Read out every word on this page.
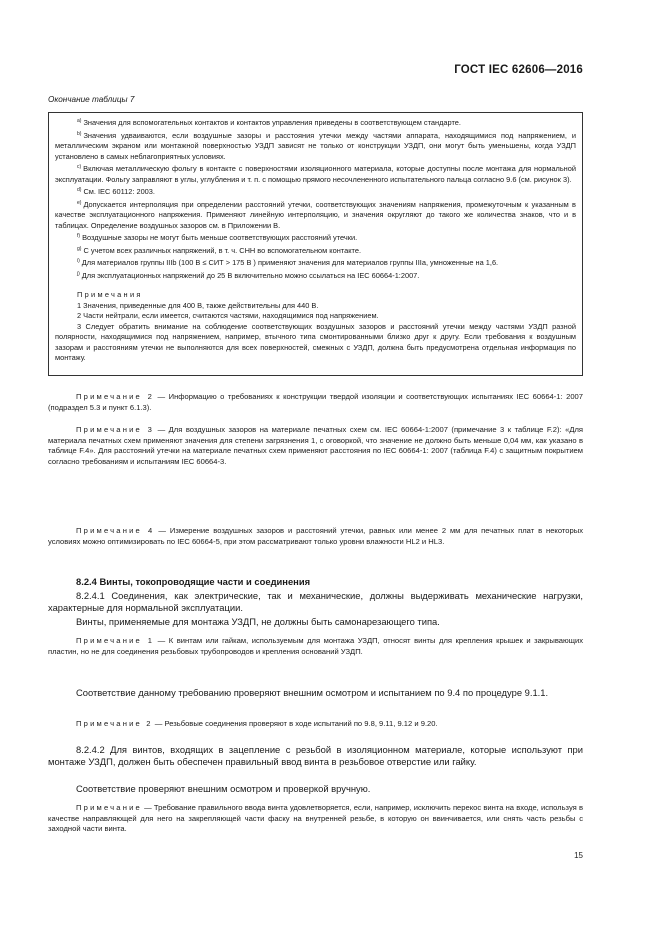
ГОСТ IEC 62606—2016
Окончание таблицы 7

$^{a)}$ Значения для вспомогательных контактов и контактов управления приведены в соответствующем стандарте.

$^{b)}$ Значения удваиваются, если воздушные зазоры и расстояния утечки между частями аппарата, находящимися под напряжением, и металлическим экраном или монтажной поверхностью УЗДП зависят не только от конструкции УЗДП, они могут быть уменьшены, когда УЗДП установлено в самых неблагоприятных условиях.

$^{c)}$ Включая металлическую фольгу в контакте с поверхностями изоляционного материала, которые доступны после монтажа для нормальной эксплуатации. Фольгу заправляют в углы, углубления и т. п. с помощью прямого несочлененного испытательного пальца согласно 9.6 (см. рисунок 3).

$^{d)}$ См. IEC 60112: 2003.

$^{e)}$ Допускается интерполяция при определении расстояний утечки, соответствующих значениям напряжения, промежуточным к указанным в качестве эксплуатационного напряжения. Применяют линейную интерполяцию, и значения округляют до такого же количества знаков, что и в таблицах. Определение воздушных зазоров см. в Приложении В.

$^{f)}$ Воздушные зазоры не могут быть меньше соответствующих расстояний утечки.

$^{g)}$ С учетом всех различных напряжений, в т. ч. СНН во вспомогательном контакте.

$^{i)}$ Для материалов группы IIIb (100 В ≤ СИТ > 175 В ) применяют значения для материалов группы IIIa, умноженные на 1,6.

$^{j)}$ Для эксплуатационных напряжений до 25 В включительно можно ссылаться на IEC 60664-1:2007.

Примечания

1 Значения, приведенные для 400 В, также действительны для 440 В.

2 Части нейтрали, если имеется, считаются частями, находящимися под напряжением.

3 Следует обратить внимание на соблюдение соответствующих воздушных зазоров и расстояний утечки между частями УЗДП разной полярности, находящимися под напряжением, например, втычного типа смонтированными близко друг к другу. Если требования к воздушным зазорам и расстояниям утечки не выполняются для всех поверхностей, смежных с УЗДП, должна быть предусмотрена отдельная информация по монтажу.

Примечание 2 — Информацию о требованиях к конструкции твердой изоляции и соответствующих испытаниях IEC 60664-1: 2007 (подраздел 5.3 и пункт 6.1.3).

Примечание 3 — Для воздушных зазоров на материале печатных схем см. IEC 60664-1:2007 (примечание 3 к таблице F.2): «Для материала печатных схем применяют значения для степени загрязнения 1, с оговоркой, что значение не должно быть меньше 0,04 мм, как указано в таблице F.4». Для расстояний утечки на материале печатных схем применяют расстояния по IEC 60664-1: 2007 (таблица F.4) с защитным покрытием согласно требованиям и испытаниям IEC 60664-3.

Примечание 4 — Измерение воздушных зазоров и расстояний утечки, равных или менее 2 мм для печатных плат в некоторых условиях можно оптимизировать по IEC 60664-5, при этом рассматривают только уровни влажности HL2 и HL3.

8.2.4 Винты, токопроводящие части и соединения

8.2.4.1 Соединения, как электрические, так и механические, должны выдерживать механические нагрузки, характерные для нормальной эксплуатации.

Винты, применяемые для монтажа УЗДП, не должны быть самонарезающего типа.

Примечание 1 — К винтам или гайкам, используемым для монтажа УЗДП, относят винты для крепления крышек и закрывающих пластин, но не для соединения резьбовых трубопроводов и крепления оснований УЗДП.

Соответствие данному требованию проверяют внешним осмотром и испытанием по 9.4 по процедуре 9.1.1.

Примечание 2 — Резьбовые соединения проверяют в ходе испытаний по 9.8, 9.11, 9.12 и 9.20.

8.2.4.2 Для винтов, входящих в зацепление с резьбой в изоляционном материале, которые используют при монтаже УЗДП, должен быть обеспечен правильный ввод винта в резьбовое отверстие или гайку.

Соответствие проверяют внешним осмотром и проверкой вручную.

Примечание — Требование правильного ввода винта удовлетворяется, если, например, исключить перекос винта на входе, используя в качестве направляющей для него на закрепляющей части фаску на внутренней резьбе, в которую он ввинчивается, или снять часть резьбы с заходной части винта.

15
